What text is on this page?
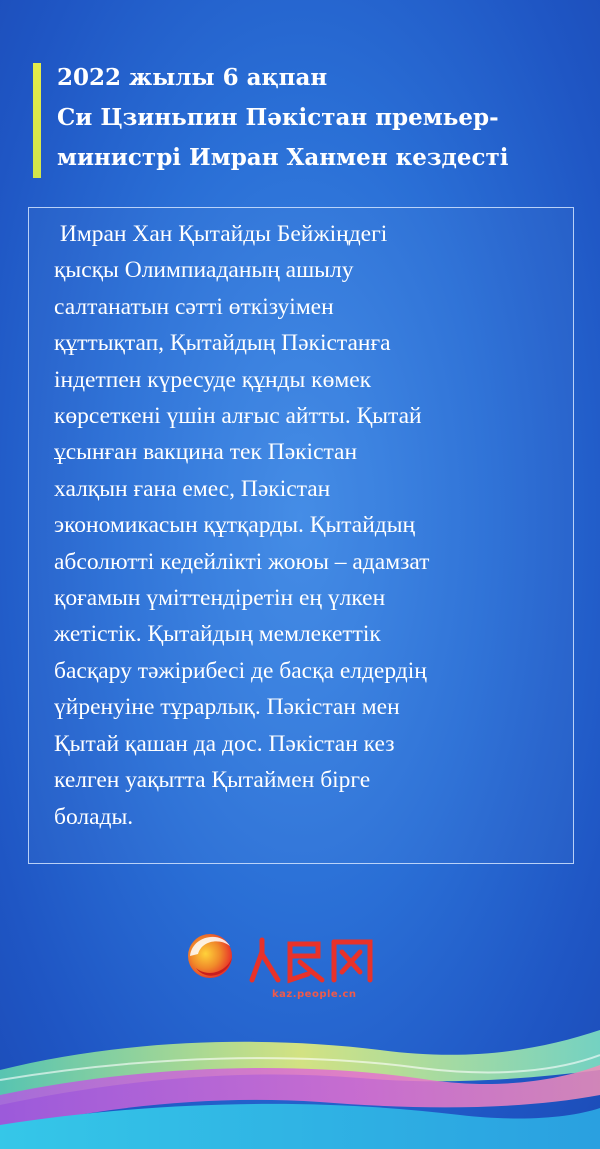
2022 жылы 6 ақпан
Си Цзиньпин Пәкістан премьер-
министрі Имран Ханмен кездесті

Имран Хан Қытайды Бейжіңдегі
қысқы Олимпиаданың ашылу
салтанатын сәтті өткізуімен
құттықтап, Қытайдың Пәкістанға
індетпен күресуде құнды көмек
көрсеткені үшін алғыс айтты. Қытай
ұсынған вакцина тек Пәкістан
халқын ғана емес, Пәкістан
экономикасын құтқарды. Қытайдың
абсолютті кедейлікті жоюы – адамзат
қоғамын үміттендіретін ең үлкен
жетістік. Қытайдың мемлекеттік
басқару тәжірибесі де басқа елдердің
үйренуіне тұрарлық. Пәкістан мен
Қытай қашан да дос. Пәкістан кез
келген уақытта Қытаймен бірге
болады.

kaz.people.cn
